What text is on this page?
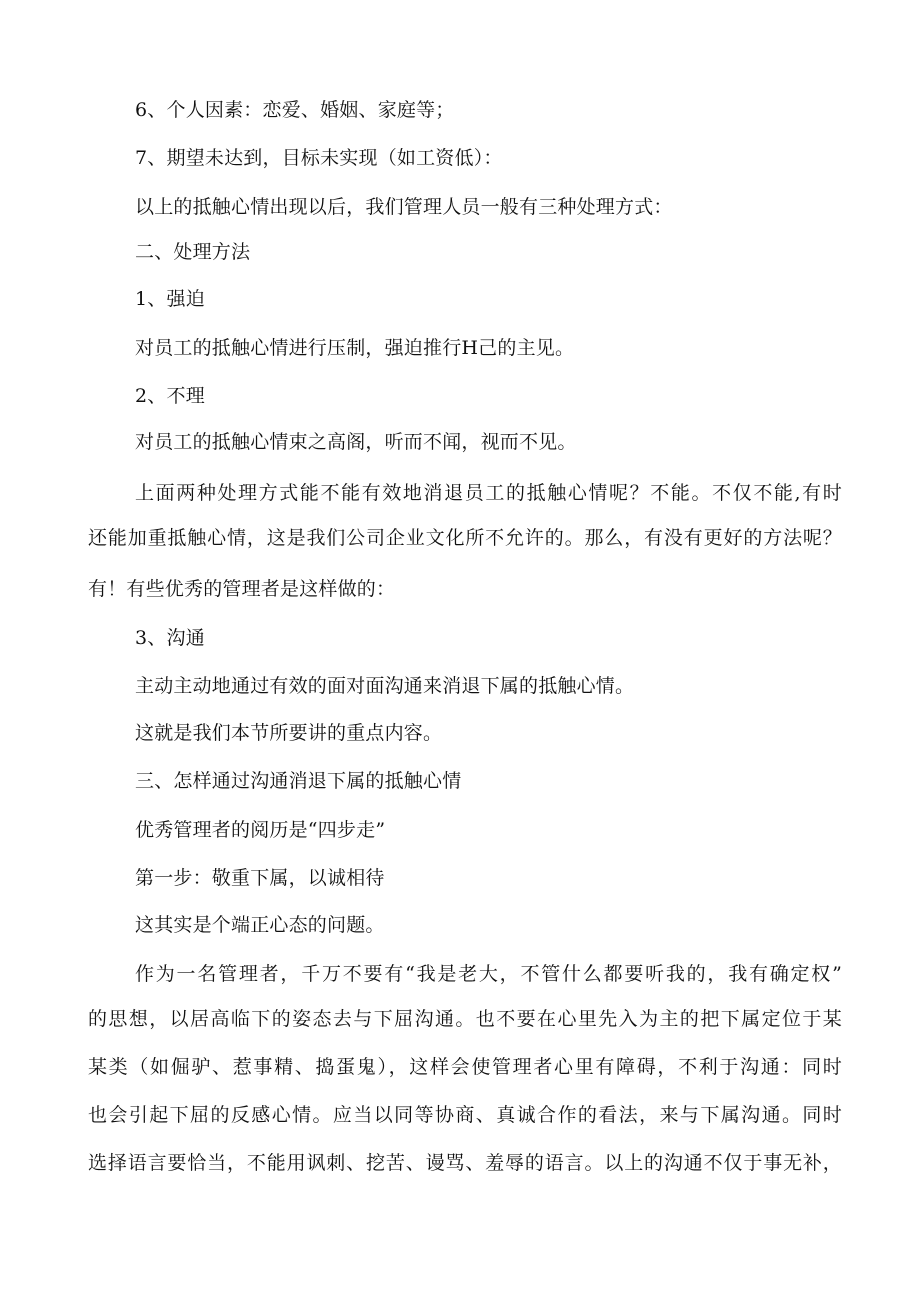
6、个人因素：恋爱、婚姻、家庭等；
7、期望未达到，目标未实现（如工资低）：
以上的抵触心情出现以后，我们管理人员一般有三种处理方式：
二、处理方法
1、强迫
对员工的抵触心情进行压制，强迫推行H己的主见。
2、不理
对员工的抵触心情束之高阁，听而不闻，视而不见。
上面两种处理方式能不能有效地消退员工的抵触心情呢？不能。不仅不能,有时
还能加重抵触心情，这是我们公司企业文化所不允许的。那么，有没有更好的方法呢？
有！有些优秀的管理者是这样做的：
3、沟通
主动主动地通过有效的面对面沟通来消退下属的抵触心情。
这就是我们本节所要讲的重点内容。
三、怎样通过沟通消退下属的抵触心情
优秀管理者的阅历是“四步走”
第一步：敬重下属，以诚相待
这其实是个端正心态的问题。
作为一名管理者，千万不要有“我是老大，不管什么都要听我的，我有确定权”
的思想，以居高临下的姿态去与下屈沟通。也不要在心里先入为主的把下属定位于某
某类（如倔驴、惹事精、捣蛋鬼），这样会使管理者心里有障碍，不利于沟通：同时
也会引起下屈的反感心情。应当以同等协商、真诚合作的看法，来与下属沟通。同时
选择语言要恰当，不能用讽刺、挖苦、谩骂、羞辱的语言。以上的沟通不仅于事无补，
